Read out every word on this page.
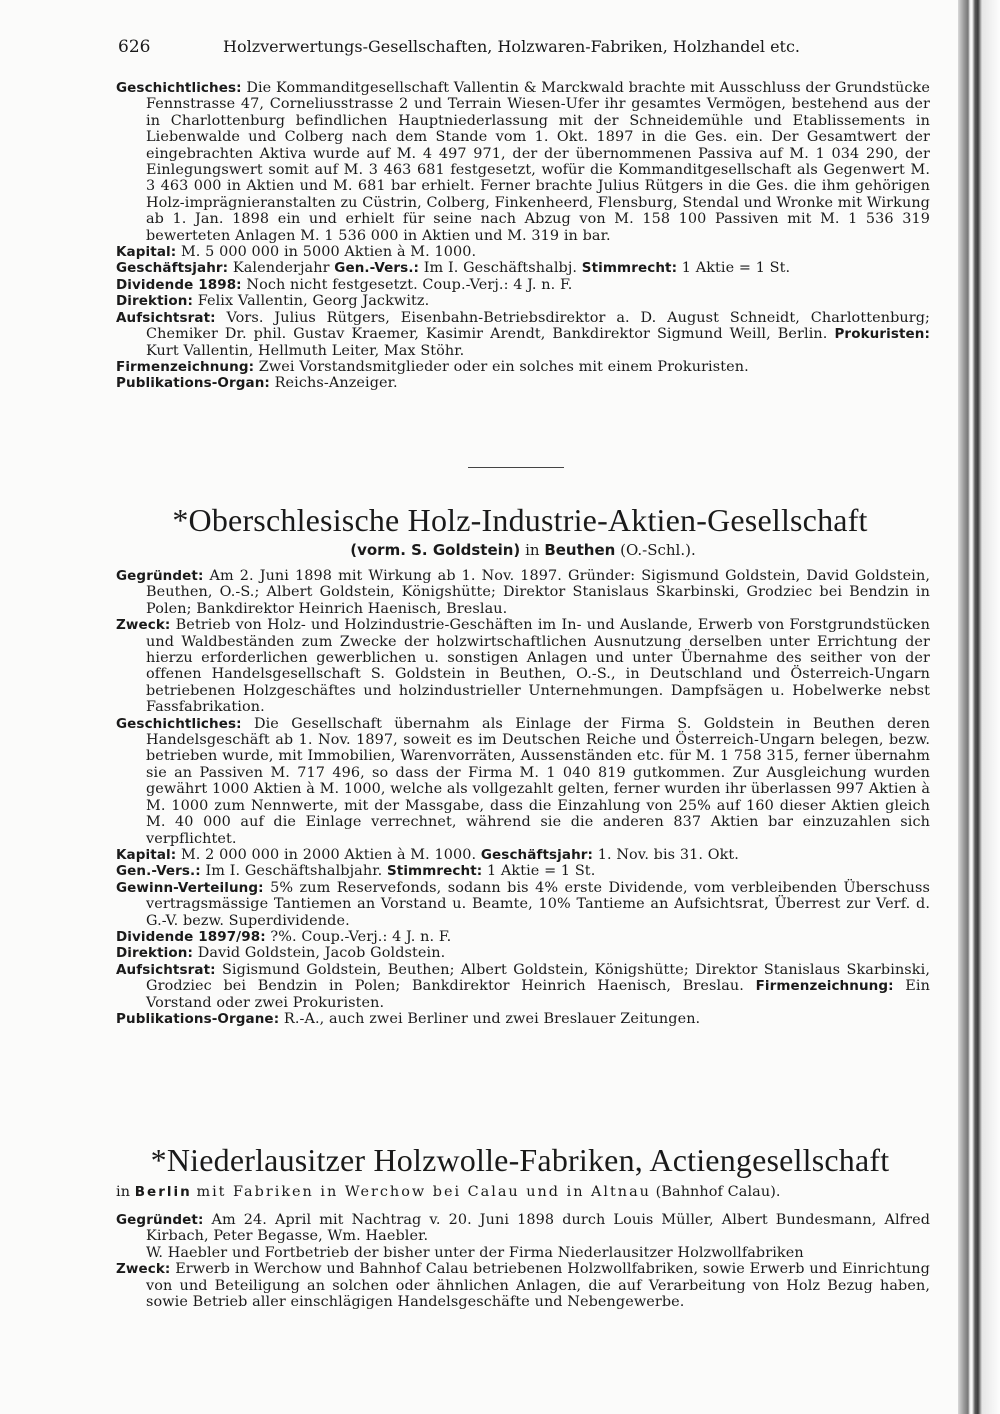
626	Holzverwertungs-Gesellschaften, Holzwaren-Fabriken, Holzhandel etc.

Geschichtliches: Die Kommanditgesellschaft Vallentin & Marckwald brachte mit Ausschluss der Grundstücke Fennstrasse 47, Corneliusstrasse 2 und Terrain Wiesen-Ufer ihr gesamtes Vermögen, bestehend aus der in Charlottenburg befindlichen Hauptniederlassung mit der Schneidemühle und Etablissements in Liebenwalde und Colberg nach dem Stande vom 1. Okt. 1897 in die Ges. ein. Der Gesamtwert der eingebrachten Aktiva wurde auf M. 4 497 971, der der übernommenen Passiva auf M. 1 034 290, der Einlegungswert somit auf M. 3 463 681 festgesetzt, wofür die Kommanditgesellschaft als Gegenwert M. 3 463 000 in Aktien und M. 681 bar erhielt. Ferner brachte Julius Rütgers in die Ges. die ihm gehörigen Holz-imprägnieranstalten zu Cüstrin, Colberg, Finkenheerd, Flensburg, Stendal und Wronke mit Wirkung ab 1. Jan. 1898 ein und erhielt für seine nach Abzug von M. 158 100 Passiven mit M. 1 536 319 bewerteten Anlagen M. 1 536 000 in Aktien und M. 319 in bar.

Kapital: M. 5 000 000 in 5000 Aktien à M. 1000.

Geschäftsjahr: Kalenderjahr Gen.-Vers.: Im I. Geschäftshalbj. Stimmrecht: 1 Aktie = 1 St.

Dividende 1898: Noch nicht festgesetzt. Coup.-Verj.: 4 J. n. F.

Direktion: Felix Vallentin, Georg Jackwitz.

Aufsichtsrat: Vors. Julius Rütgers, Eisenbahn-Betriebsdirektor a. D. August Schneidt, Charlottenburg; Chemiker Dr. phil. Gustav Kraemer, Kasimir Arendt, Bankdirektor Sigmund Weill, Berlin. Prokuristen: Kurt Vallentin, Hellmuth Leiter, Max Stöhr.

Firmenzeichnung: Zwei Vorstandsmitglieder oder ein solches mit einem Prokuristen.

Publikations-Organ: Reichs-Anzeiger.

*Oberschlesische Holz-Industrie-Aktien-Gesellschaft
(vorm. S. Goldstein) in Beuthen (O.-Schl.).

Gegründet: Am 2. Juni 1898 mit Wirkung ab 1. Nov. 1897. Gründer: Sigismund Goldstein, David Goldstein, Beuthen, O.-S.; Albert Goldstein, Königshütte; Direktor Stanislaus Skarbinski, Grodziec bei Bendzin in Polen; Bankdirektor Heinrich Haenisch, Breslau.

Zweck: Betrieb von Holz- und Holzindustrie-Geschäften im In- und Auslande, Erwerb von Forstgrundstücken und Waldbeständen zum Zwecke der holzwirtschaftlichen Ausnutzung derselben unter Errichtung der hierzu erforderlichen gewerblichen u. sonstigen Anlagen und unter Übernahme des seither von der offenen Handelsgesellschaft S. Goldstein in Beuthen, O.-S., in Deutschland und Österreich-Ungarn betriebenen Holzgeschäftes und holzindustrieller Unternehmungen. Dampfsägen u. Hobelwerke nebst Fassfabrikation.

Geschichtliches: Die Gesellschaft übernahm als Einlage der Firma S. Goldstein in Beuthen deren Handelsgeschäft ab 1. Nov. 1897, soweit es im Deutschen Reiche und Österreich-Ungarn belegen, bezw. betrieben wurde, mit Immobilien, Warenvorräten, Aussenständen etc. für M. 1 758 315, ferner übernahm sie an Passiven M. 717 496, so dass der Firma M. 1 040 819 gutkommen. Zur Ausgleichung wurden gewährt 1000 Aktien à M. 1000, welche als vollgezahlt gelten, ferner wurden ihr überlassen 997 Aktien à M. 1000 zum Nennwerte, mit der Massgabe, dass die Einzahlung von 25% auf 160 dieser Aktien gleich M. 40 000 auf die Einlage verrechnet, während sie die anderen 837 Aktien bar einzuzahlen sich verpflichtet.

Kapital: M. 2 000 000 in 2000 Aktien à M. 1000. Geschäftsjahr: 1. Nov. bis 31. Okt.

Gen.-Vers.: Im I. Geschäftshalbjahr. Stimmrecht: 1 Aktie = 1 St.

Gewinn-Verteilung: 5% zum Reservefonds, sodann bis 4% erste Dividende, vom verbleibenden Überschuss vertragsmässige Tantiemen an Vorstand u. Beamte, 10% Tantieme an Aufsichtsrat, Überrest zur Verf. d. G.-V. bezw. Superdividende.

Dividende 1897/98: ?%. Coup.-Verj.: 4 J. n. F.

Direktion: David Goldstein, Jacob Goldstein.

Aufsichtsrat: Sigismund Goldstein, Beuthen; Albert Goldstein, Königshütte; Direktor Stanislaus Skarbinski, Grodziec bei Bendzin in Polen; Bankdirektor Heinrich Haenisch, Breslau. Firmenzeichnung: Ein Vorstand oder zwei Prokuristen.

Publikations-Organe: R.-A., auch zwei Berliner und zwei Breslauer Zeitungen.

*Niederlausitzer Holzwolle-Fabriken, Actiengesellschaft
in Berlin mit Fabriken in Werchow bei Calau und in Altnau (Bahnhof Calau).

Gegründet: Am 24. April mit Nachtrag v. 20. Juni 1898 durch Louis Müller, Albert Bundesmann, Alfred Kirbach, Peter Begasse, Wm. Haebler.

W. Haebler und Fortbetrieb der bisher unter der Firma Niederlausitzer Holzwollfabriken

Zweck: Erwerb in Werchow und Bahnhof Calau betriebenen Holzwollfabriken, sowie Erwerb und Einrichtung von und Beteiligung an solchen oder ähnlichen Anlagen, die auf Verarbeitung von Holz Bezug haben, sowie Betrieb aller einschlägigen Handelsgeschäfte und Nebengewerbe.
